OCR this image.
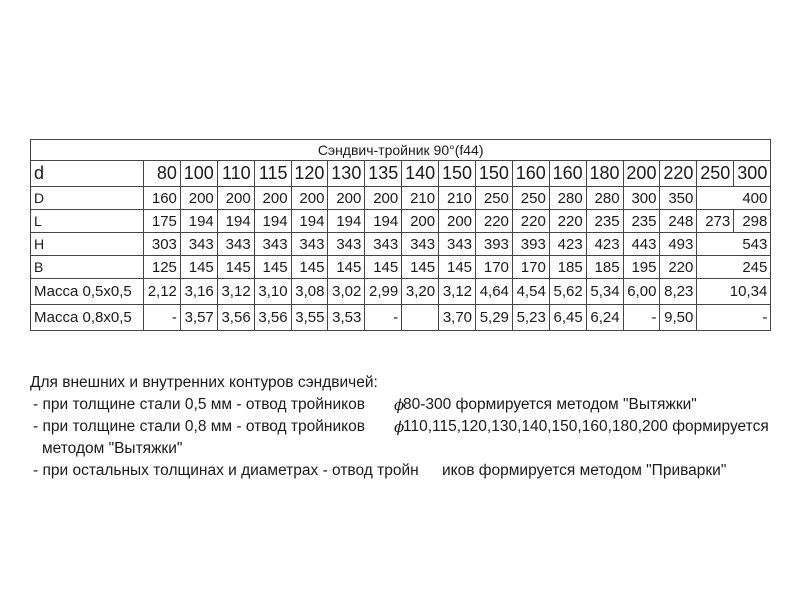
Сэндвич-тройник 90°(f44)																	
d	80	100	110	115	120	130	135	140	150	150	160	160	180	200	220	250	300
D	160	200	200	200	200	200	200	210	210	250	250	280	280	300	350	400	
L	175	194	194	194	194	194	194	200	200	220	220	220	235	235	248	273	298
H	303	343	343	343	343	343	343	343	343	393	393	423	423	443	493	543	
B	125	145	145	145	145	145	145	145	145	170	170	185	185	195	220	245	
Масса 0,5х0,5	2,12	3,16	3,12	3,10	3,08	3,02	2,99	3,20	3,12	4,64	4,54	5,62	5,34	6,00	8,23	10,34	
Масса 0,8х0,5	-	3,57	3,56	3,56	3,55	3,53	-		3,70	5,29	5,23	6,45	6,24	-	9,50	-	
Для внешних и внутренних контуров сэндвичей:
- при толщине стали 0,5 мм - отвод тройников ϕ
80-300 формируется методом "Вытяжки"
- при толщине стали 0,8 мм - отвод тройников ϕ
110,115,120,130,140,150,160,180,200 формируется
методом "Вытяжки"
- при остальных толщинах и диаметрах - отвод тройн иков формируется методом "Приварки"
